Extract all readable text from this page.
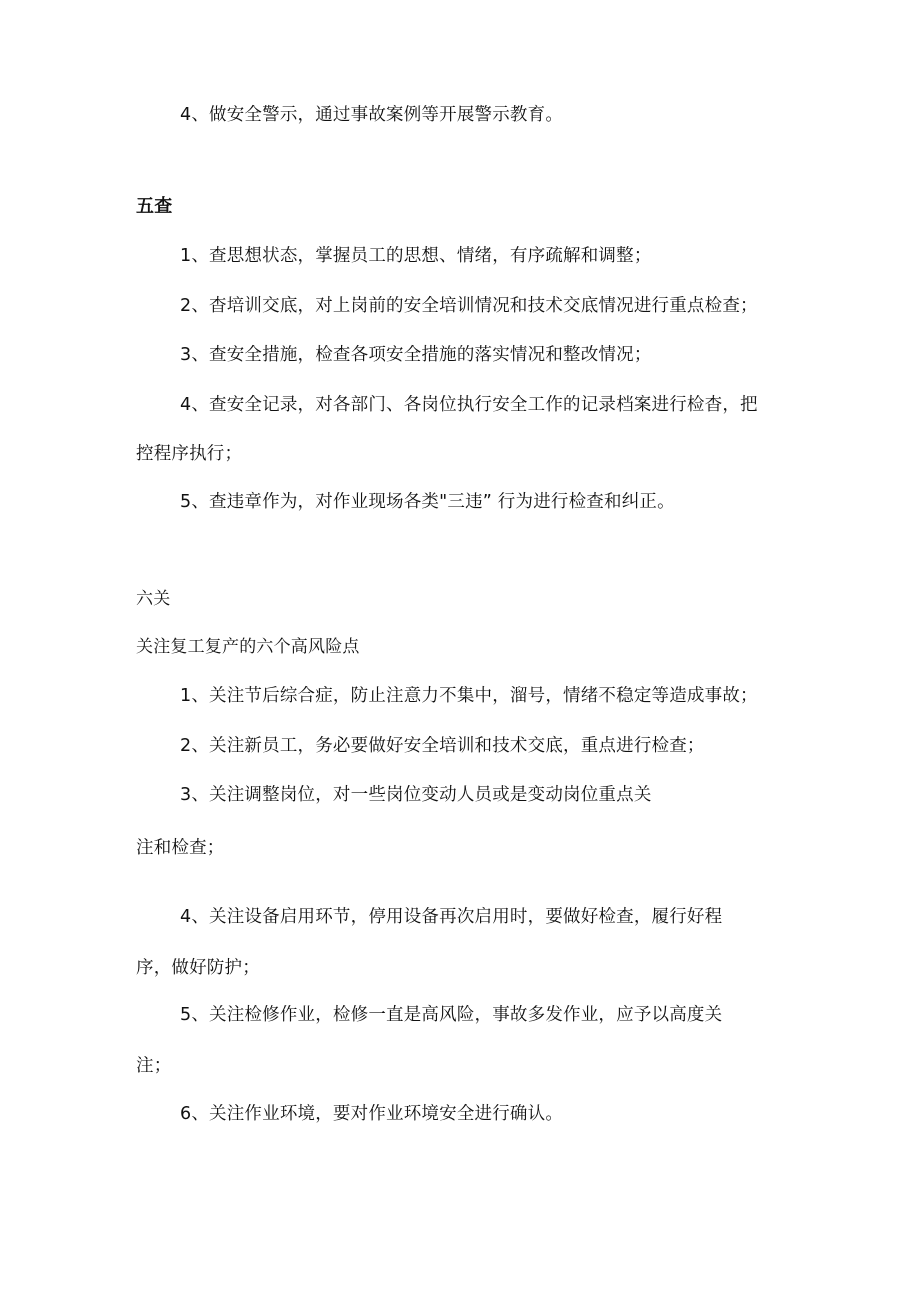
4、做安全警示，通过事故案例等开展警示教育。
五查
1、查思想状态，掌握员工的思想、情绪，有序疏解和调整；
2、杳培训交底，对上岗前的安全培训情况和技术交底情况进行重点检查；
3、查安全措施，检查各项安全措施的落实情况和整改情况；
4、查安全记录，对各部门、各岗位执行安全工作的记录档案进行检杳，把
控程序执行；
5、查违章作为，对作业现场各类"三违” 行为进行检查和纠正。
六关
关注复工复产的六个高风险点
1、关注节后综合症，防止注意力不集中，溜号，情绪不稳定等造成事故；
2、关注新员工，务必要做好安全培训和技术交底，重点进行检查；
3、关注调整岗位，对一些岗位变动人员或是变动岗位重点关
注和检查；
4、关注设备启用环节，停用设备再次启用时，要做好检查，履行好程
序，做好防护；
5、关注检修作业，检修一直是高风险，事故多发作业，应予以高度关
注；
6、关注作业环境，要对作业环境安全进行确认。
